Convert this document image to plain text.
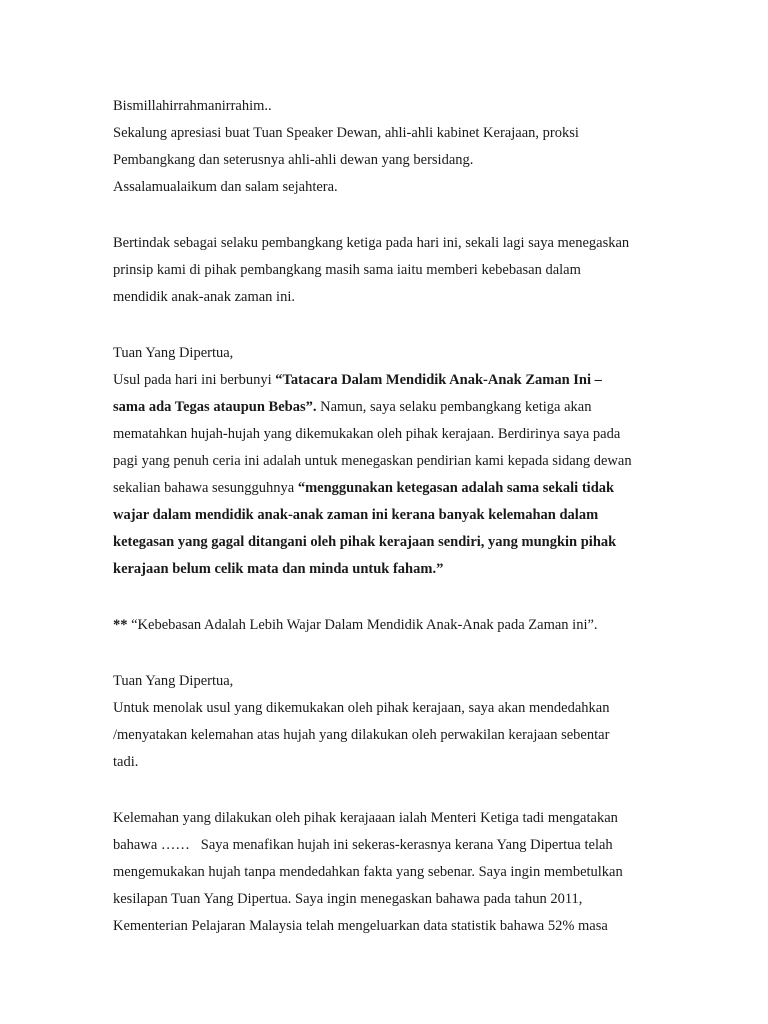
Bismillahirrahmanirrahim..
Sekalung apresiasi buat Tuan Speaker Dewan, ahli-ahli kabinet Kerajaan, proksi
Pembangkang dan seterusnya ahli-ahli dewan yang bersidang.
Assalamualaikum dan salam sejahtera.
Bertindak sebagai selaku pembangkang ketiga pada hari ini, sekali lagi saya menegaskan
prinsip kami di pihak pembangkang masih sama iaitu memberi kebebasan dalam
mendidik anak-anak zaman ini.
Tuan Yang Dipertua,
Usul pada hari ini berbunyi “Tatacara Dalam Mendidik Anak-Anak Zaman Ini –
sama ada Tegas ataupun Bebas”. Namun, saya selaku pembangkang ketiga akan
mematahkan hujah-hujah yang dikemukakan oleh pihak kerajaan. Berdirinya saya pada
pagi yang penuh ceria ini adalah untuk menegaskan pendirian kami kepada sidang dewan
sekalian bahawa sesungguhnya “menggunakan ketegasan adalah sama sekali tidak
wajar dalam mendidik anak-anak zaman ini kerana banyak kelemahan dalam
ketegasan yang gagal ditangani oleh pihak kerajaan sendiri, yang mungkin pihak
kerajaan belum celik mata dan minda untuk faham.”
** “Kebebasan Adalah Lebih Wajar Dalam Mendidik Anak-Anak pada Zaman ini”.
Tuan Yang Dipertua,
Untuk menolak usul yang dikemukakan oleh pihak kerajaan, saya akan mendedahkan
/menyatakan kelemahan atas hujah yang dilakukan oleh perwakilan kerajaan sebentar
tadi.
Kelemahan yang dilakukan oleh pihak kerajaaan ialah Menteri Ketiga tadi mengatakan
bahawa ……   Saya menafikan hujah ini sekeras-kerasnya kerana Yang Dipertua telah
mengemukakan hujah tanpa mendedahkan fakta yang sebenar. Saya ingin membetulkan
kesilapan Tuan Yang Dipertua. Saya ingin menegaskan bahawa pada tahun 2011,
Kementerian Pelajaran Malaysia telah mengeluarkan data statistik bahawa 52% masa
